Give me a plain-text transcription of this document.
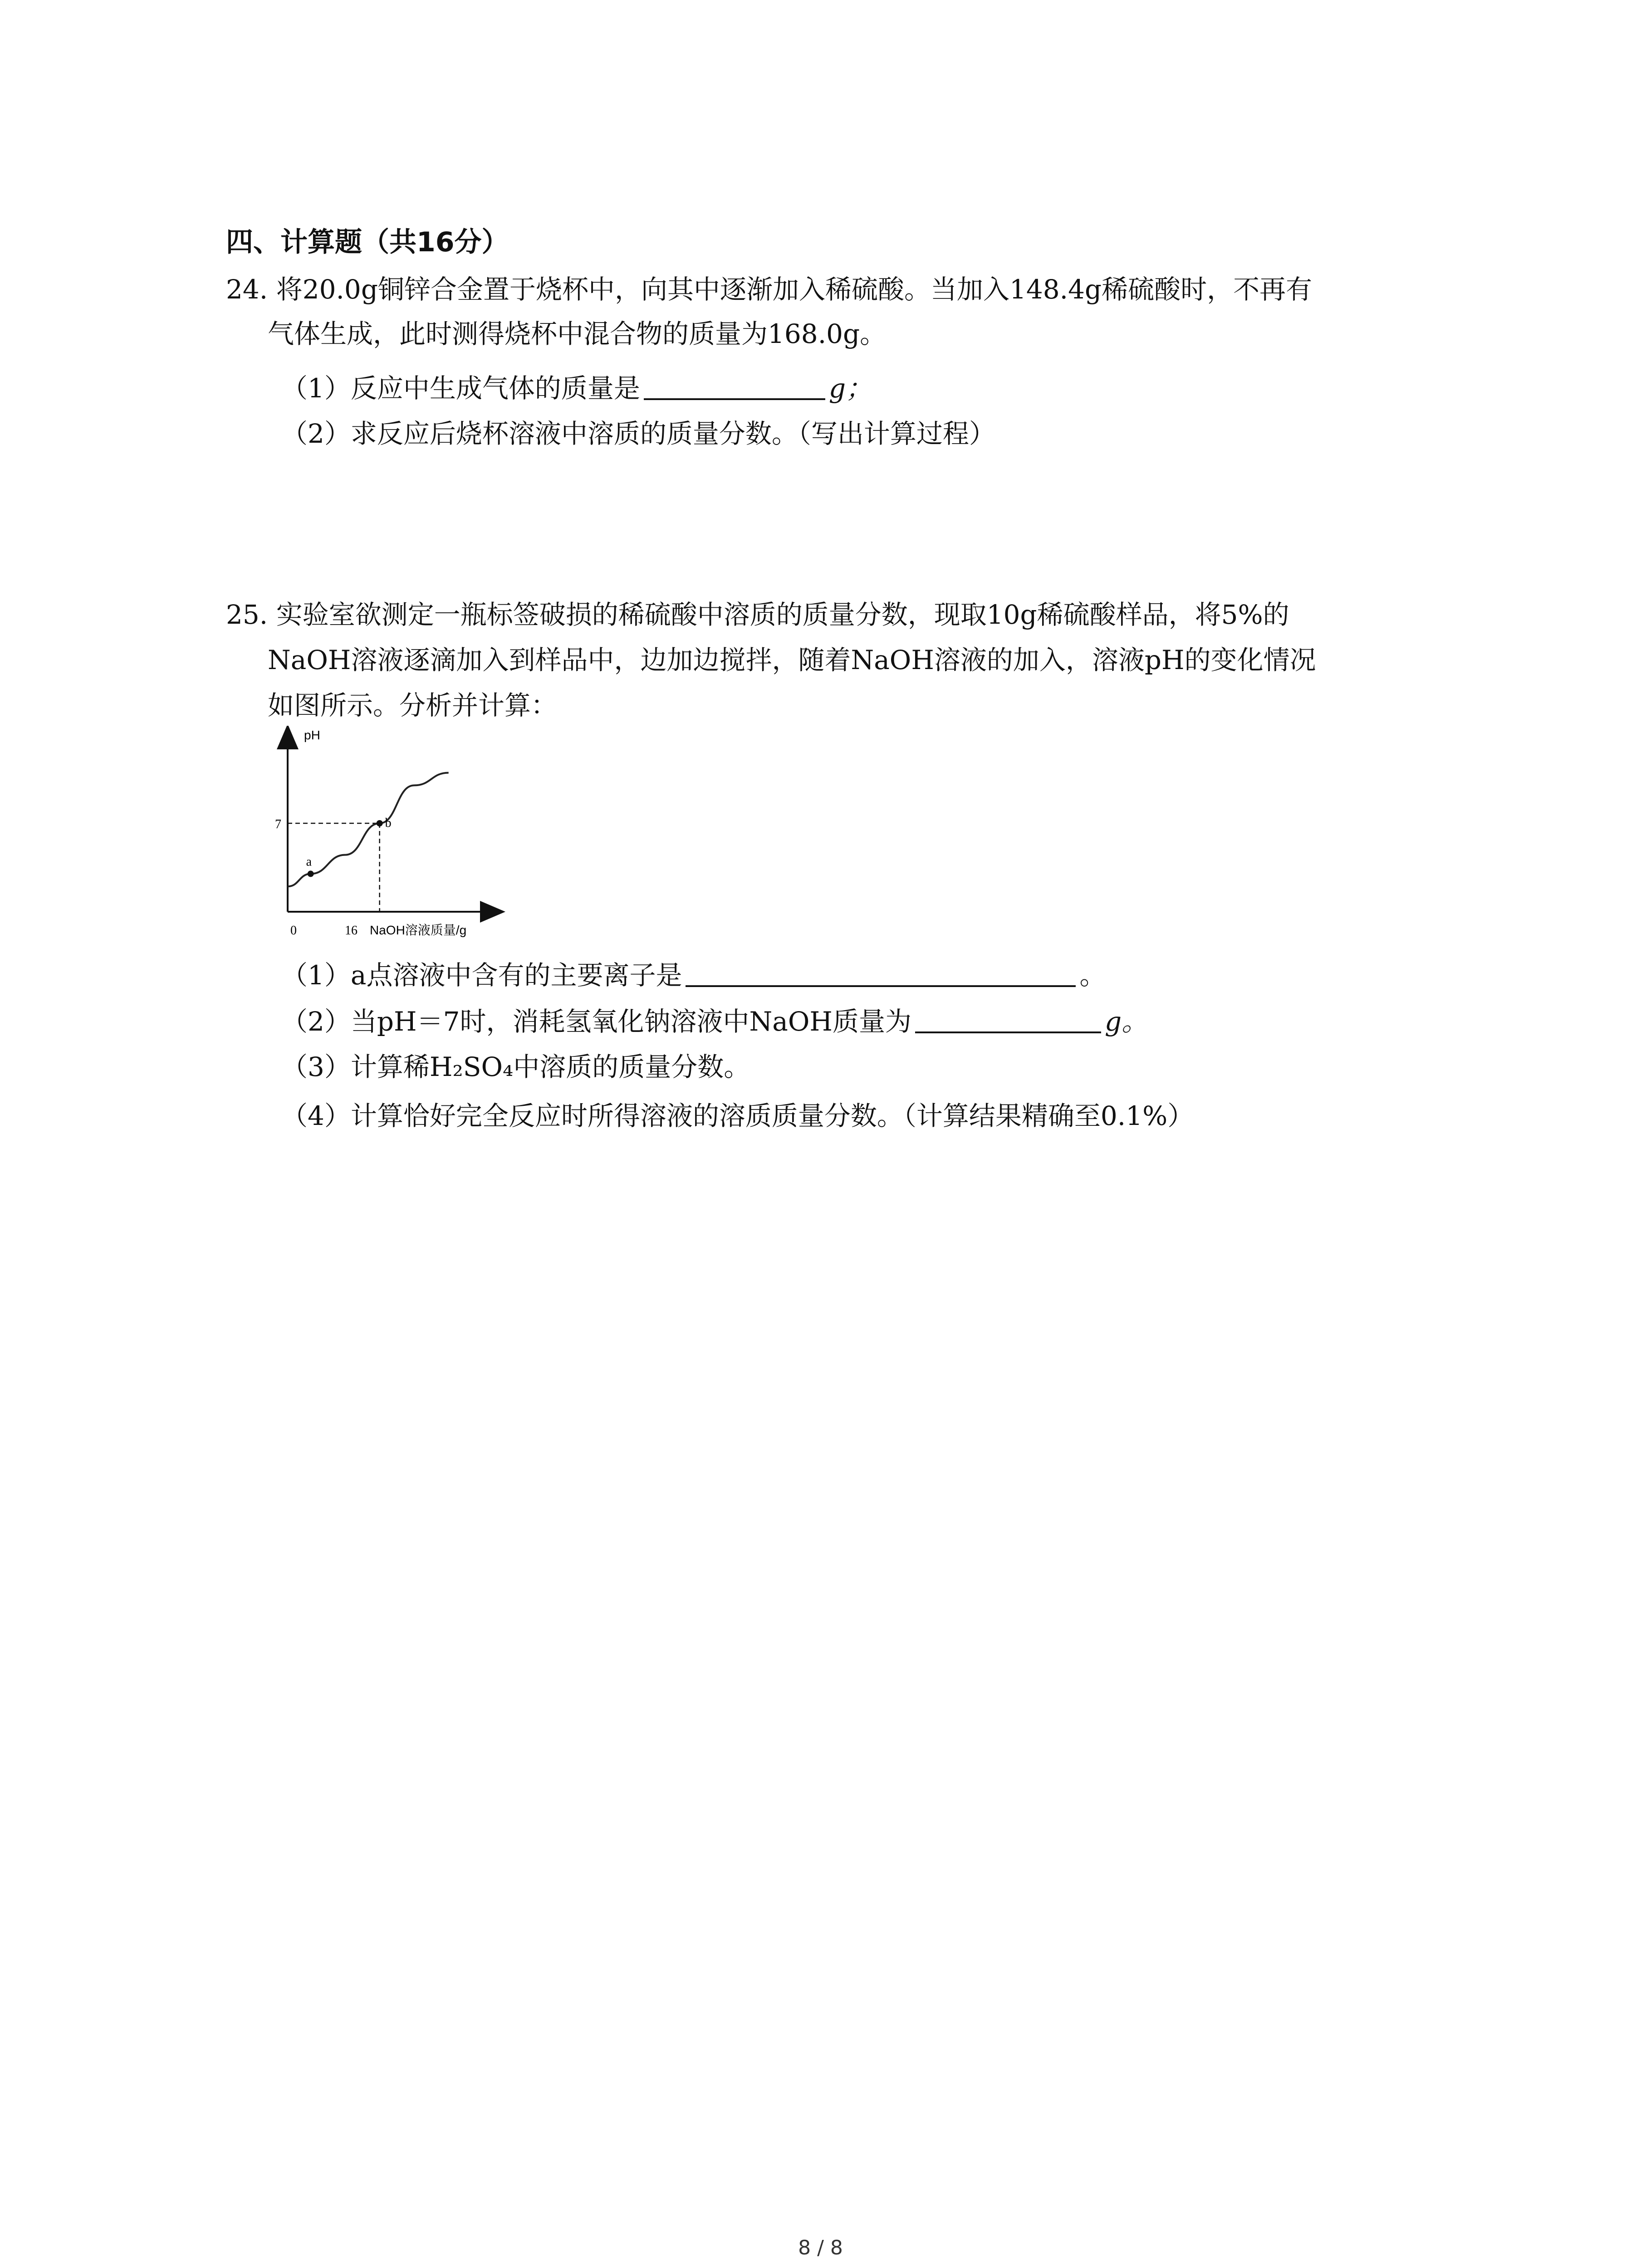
四、计算题（共16分）
24. 将20.0g铜锌合金置于烧杯中，向其中逐渐加入稀硫酸。当加入148.4g稀硫酸时，不再有
气体生成，此时测得烧杯中混合物的质量为168.0g。
（1）反应中生成气体的质量是	g；
（2）求反应后烧杯溶液中溶质的质量分数。（写出计算过程）
25. 实验室欲测定一瓶标签破损的稀硫酸中溶质的质量分数，现取10g稀硫酸样品，将5%的
NaOH溶液逐滴加入到样品中，边加边搅拌，随着NaOH溶液的加入，溶液pH的变化情况
如图所示。分析并计算：
pH
NaOH溶液质量/g
0	16
7
a
b
（1）a点溶液中含有的主要离子是	。
（2）当pH＝7时，消耗氢氧化钠溶液中NaOH质量为	g。
（3）计算稀H₂SO₄中溶质的质量分数。
（4）计算恰好完全反应时所得溶液的溶质质量分数。（计算结果精确至0.1%）
8 / 8
